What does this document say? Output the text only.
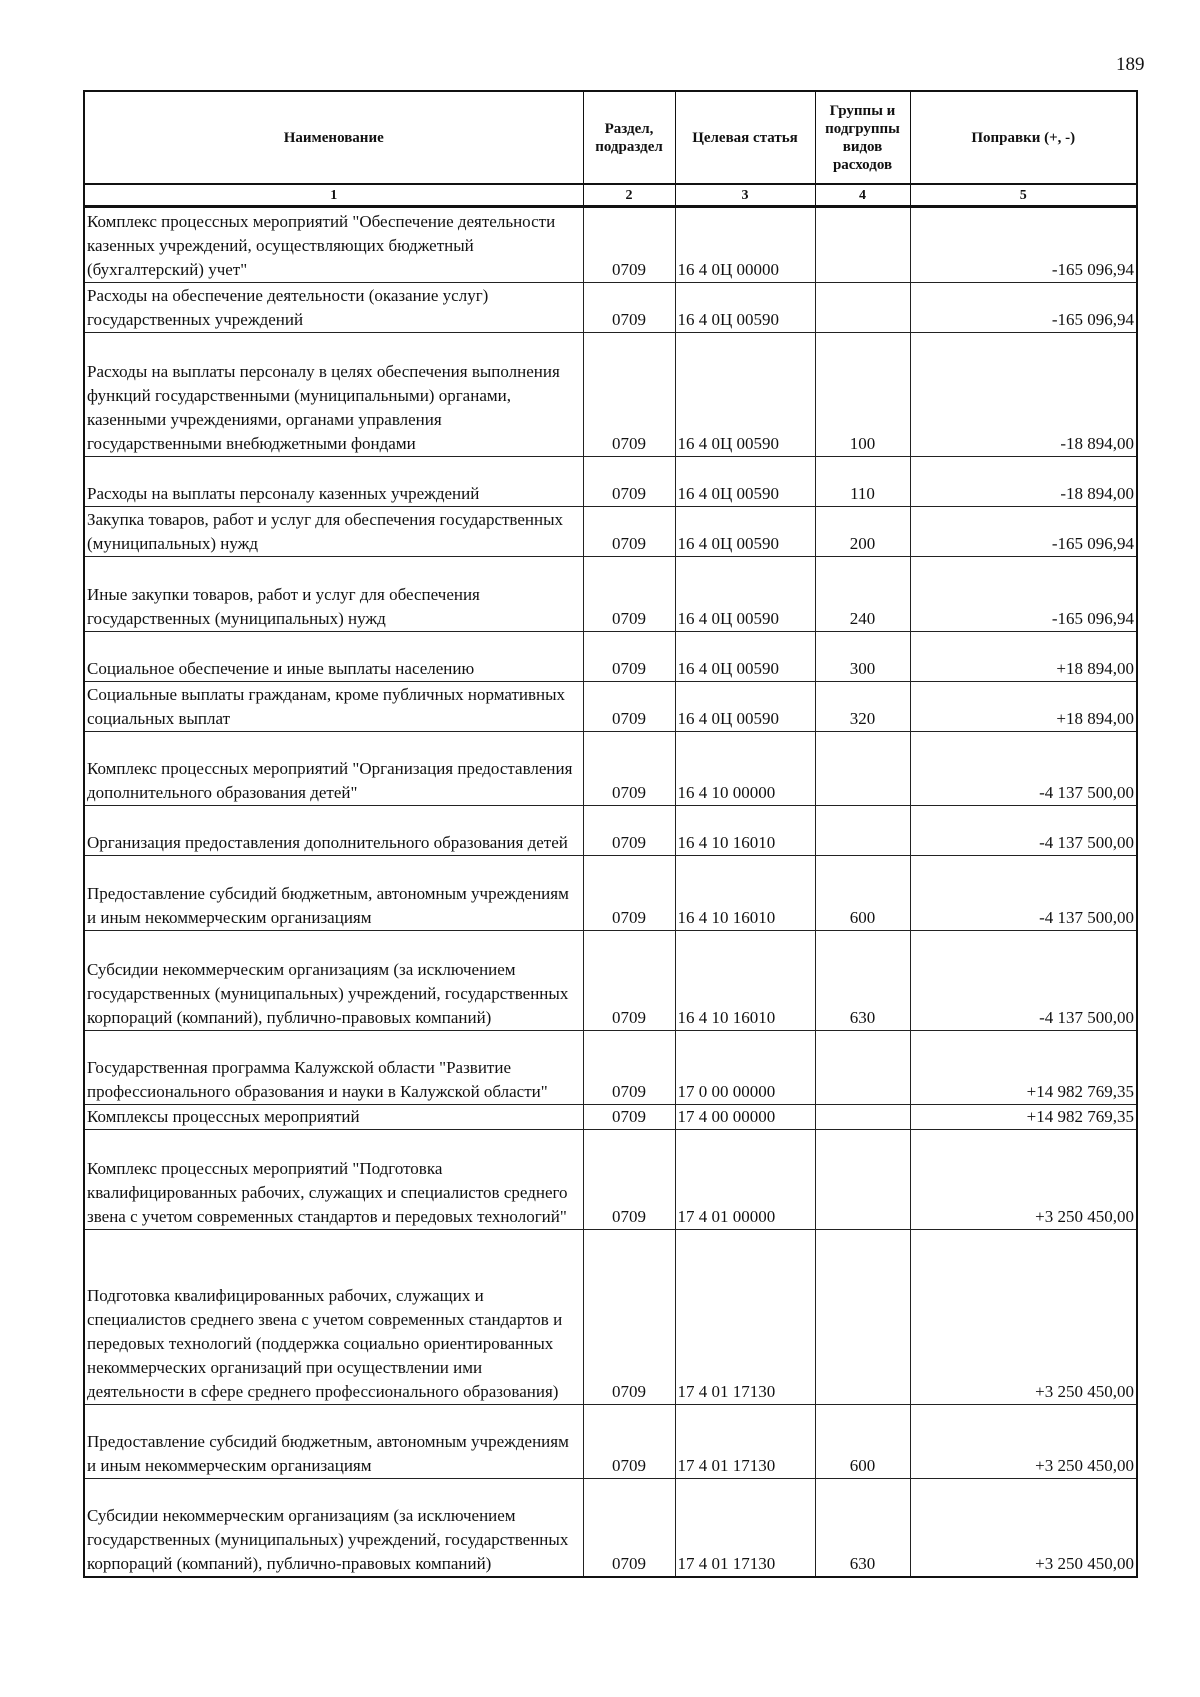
189
Наименование	Раздел, подраздел	Целевая статья	Группы и подгруппы видов расходов	Поправки (+, -)
1	2	3	4	5
Комплекс процессных мероприятий "Обеспечение деятельности казенных учреждений, осуществляющих бюджетный (бухгалтерский) учет"	0709	16 4 0Ц 00000		-165 096,94
Расходы на обеспечение деятельности (оказание услуг) государственных учреждений	0709	16 4 0Ц 00590		-165 096,94
Расходы на выплаты персоналу в целях обеспечения выполнения функций государственными (муниципальными) органами, казенными учреждениями, органами управления государственными внебюджетными фондами	0709	16 4 0Ц 00590	100	-18 894,00
Расходы на выплаты персоналу казенных учреждений	0709	16 4 0Ц 00590	110	-18 894,00
Закупка товаров, работ и услуг для обеспечения государственных (муниципальных) нужд	0709	16 4 0Ц 00590	200	-165 096,94
Иные закупки товаров, работ и услуг для обеспечения государственных (муниципальных) нужд	0709	16 4 0Ц 00590	240	-165 096,94
Социальное обеспечение и иные выплаты населению	0709	16 4 0Ц 00590	300	+18 894,00
Социальные выплаты гражданам, кроме публичных нормативных социальных выплат	0709	16 4 0Ц 00590	320	+18 894,00
Комплекс процессных мероприятий "Организация предоставления дополнительного образования детей"	0709	16 4 10 00000		-4 137 500,00
Организация предоставления дополнительного образования детей	0709	16 4 10 16010		-4 137 500,00
Предоставление субсидий бюджетным, автономным учреждениям и иным некоммерческим организациям	0709	16 4 10 16010	600	-4 137 500,00
Субсидии некоммерческим организациям (за исключением государственных (муниципальных) учреждений, государственных корпораций (компаний), публично-правовых компаний)	0709	16 4 10 16010	630	-4 137 500,00
Государственная программа Калужской области "Развитие профессионального образования и науки в Калужской области"	0709	17 0 00 00000		+14 982 769,35
Комплексы процессных мероприятий	0709	17 4 00 00000		+14 982 769,35
Комплекс процессных мероприятий "Подготовка квалифицированных рабочих, служащих и специалистов среднего звена с учетом современных стандартов и передовых технологий"	0709	17 4 01 00000		+3 250 450,00
Подготовка квалифицированных рабочих, служащих и специалистов среднего звена с учетом современных стандартов и передовых технологий (поддержка социально ориентированных некоммерческих организаций при осуществлении ими деятельности в сфере среднего профессионального образования)	0709	17 4 01 17130		+3 250 450,00
Предоставление субсидий бюджетным, автономным учреждениям и иным некоммерческим организациям	0709	17 4 01 17130	600	+3 250 450,00
Субсидии некоммерческим организациям (за исключением государственных (муниципальных) учреждений, государственных корпораций (компаний), публично-правовых компаний)	0709	17 4 01 17130	630	+3 250 450,00
